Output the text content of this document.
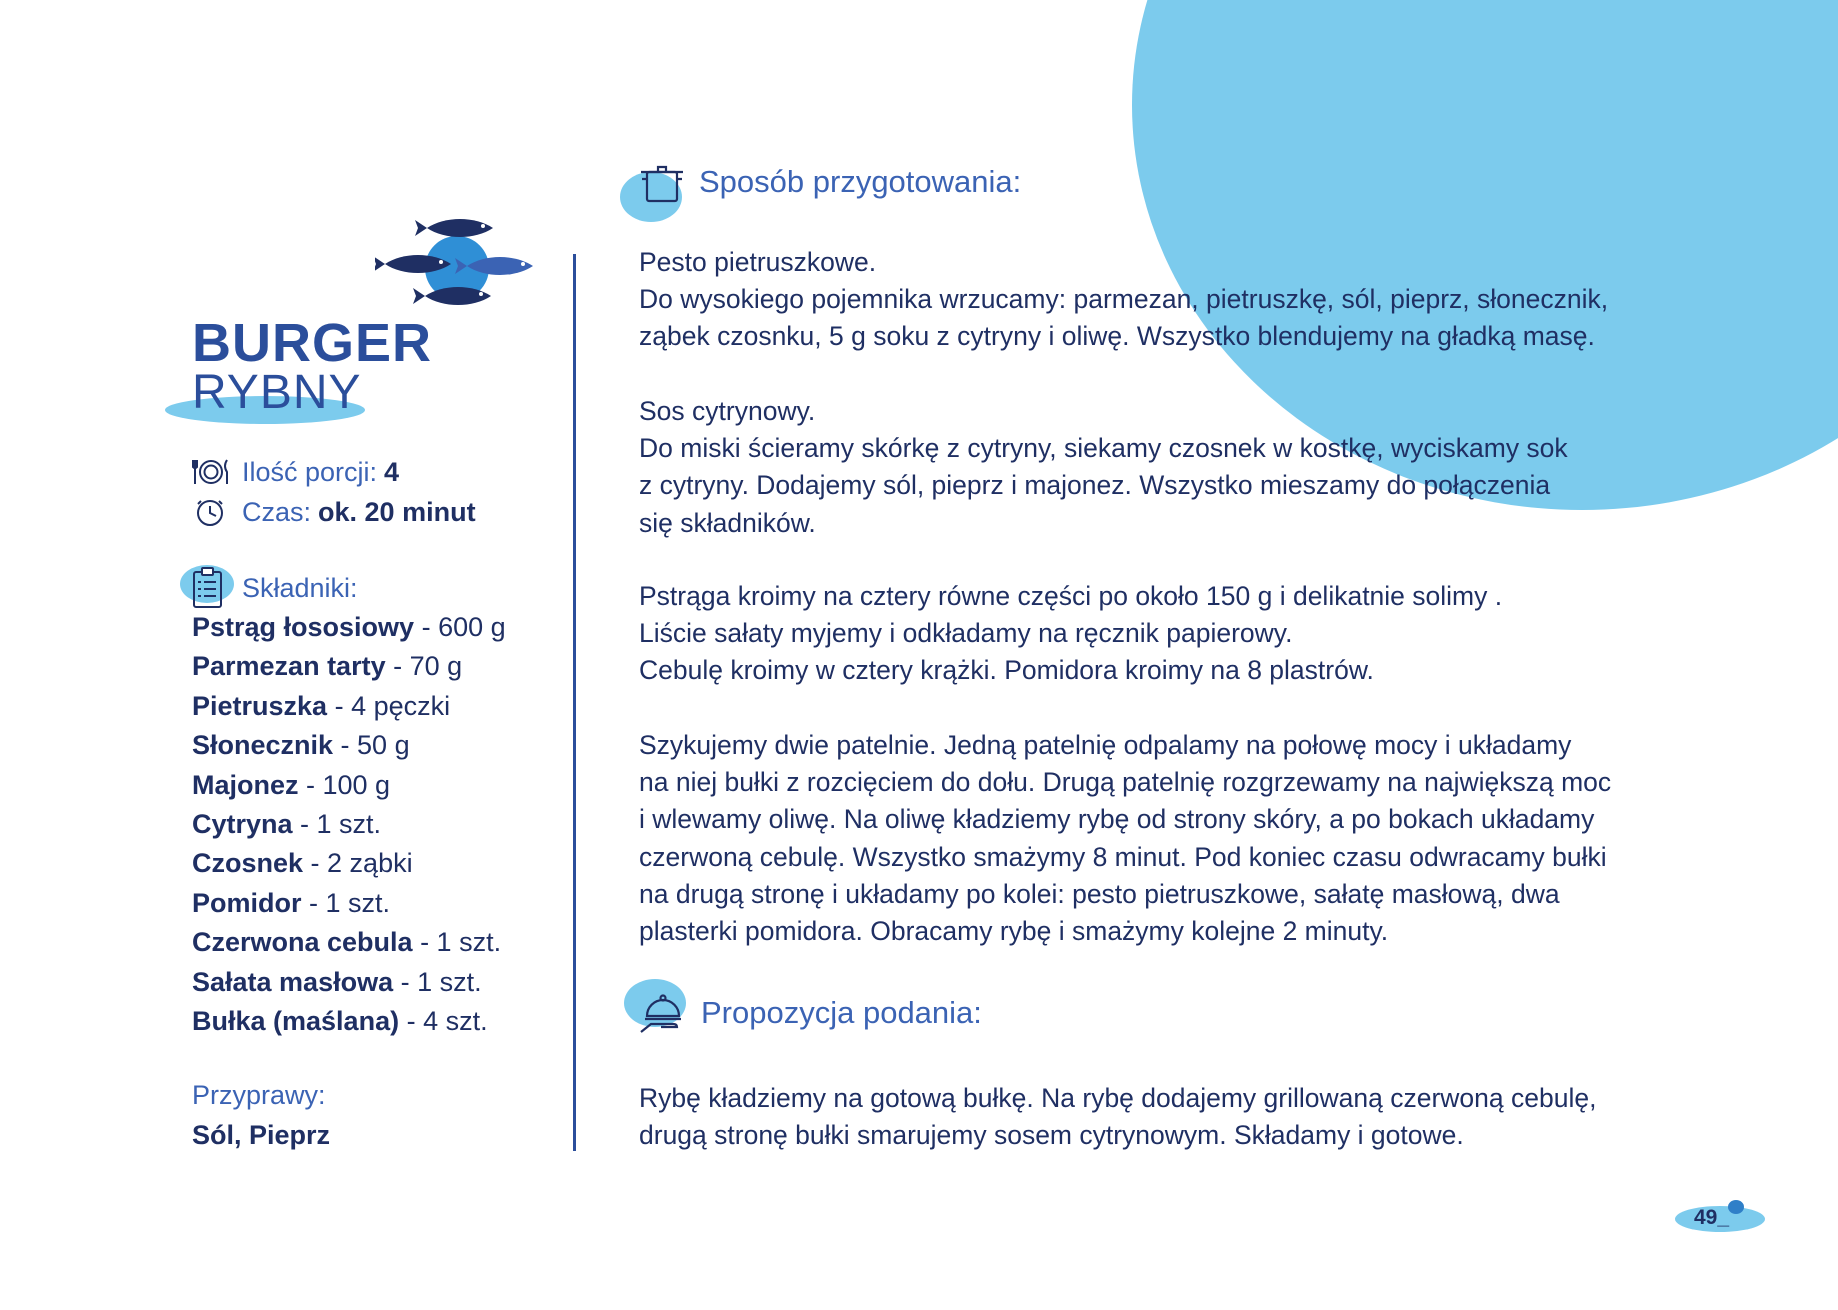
BURGER
RYBNY
Ilość porcji: 4
Czas: ok. 20 minut
Składniki:
Pstrąg łososiowy - 600 g
Parmezan tarty - 70 g
Pietruszka - 4 pęczki
Słonecznik - 50 g
Majonez - 100 g
Cytryna - 1 szt.
Czosnek - 2 ząbki
Pomidor - 1 szt.
Czerwona cebula - 1 szt.
Sałata masłowa - 1 szt.
Bułka (maślana) - 4 szt.
Przyprawy:
Sól, Pieprz
Sposób przygotowania:

Pesto pietruszkowe.
Do wysokiego pojemnika wrzucamy: parmezan, pietruszkę, sól, pieprz, słonecznik,
ząbek czosnku, 5 g soku z cytryny i oliwę. Wszystko blendujemy na gładką masę.

Sos cytrynowy.
Do miski ścieramy skórkę z cytryny, siekamy czosnek w kostkę, wyciskamy sok
z cytryny. Dodajemy sól, pieprz i majonez. Wszystko mieszamy do połączenia
się składników.

Pstrąga kroimy na cztery równe części po około 150 g i delikatnie solimy .
Liście sałaty myjemy i odkładamy na ręcznik papierowy.
Cebulę kroimy w cztery krążki. Pomidora kroimy na 8 plastrów.

Szykujemy dwie patelnie. Jedną patelnię odpalamy na połowę mocy i układamy
na niej bułki z rozcięciem do dołu. Drugą patelnię rozgrzewamy na największą moc
i wlewamy oliwę. Na oliwę kładziemy rybę od strony skóry, a po bokach układamy
czerwoną cebulę. Wszystko smażymy 8 minut. Pod koniec czasu odwracamy bułki
na drugą stronę i układamy po kolei: pesto pietruszkowe, sałatę masłową, dwa
plasterki pomidora. Obracamy rybę i smażymy kolejne 2 minuty.

Propozycja podania:

Rybę kładziemy na gotową bułkę. Na rybę dodajemy grillowaną czerwoną cebulę,
drugą stronę bułki smarujemy sosem cytrynowym. Składamy i gotowe.

49_
